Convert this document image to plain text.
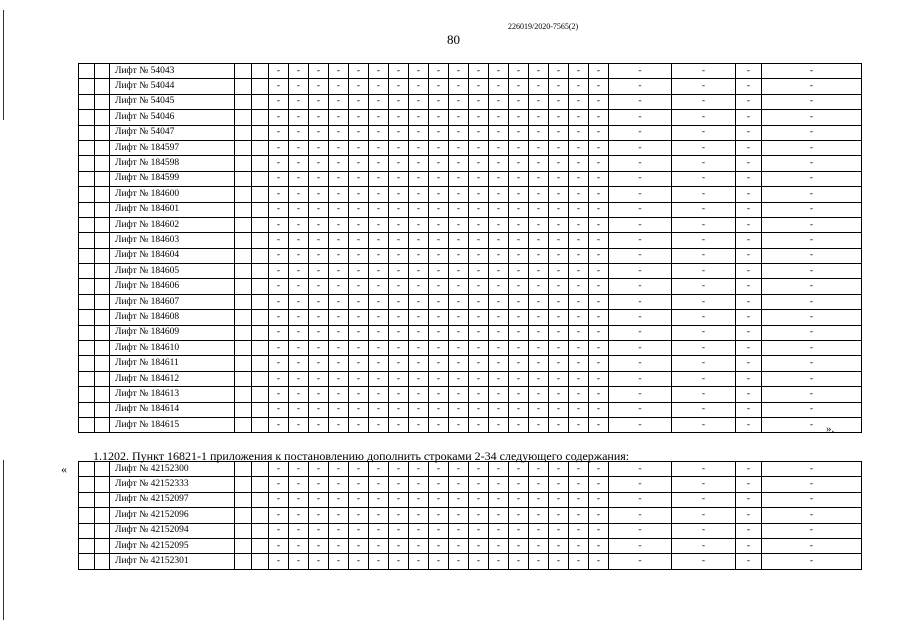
226019/2020-7565(2)
80
		Лифт № 54043			-	-	-	-	-	-	-	-	-	-	-	-	-	-	-	-	-	-	-	-	-
		Лифт № 54044			-	-	-	-	-	-	-	-	-	-	-	-	-	-	-	-	-	-	-	-	-
		Лифт № 54045			-	-	-	-	-	-	-	-	-	-	-	-	-	-	-	-	-	-	-	-	-
		Лифт № 54046			-	-	-	-	-	-	-	-	-	-	-	-	-	-	-	-	-	-	-	-	-
		Лифт № 54047			-	-	-	-	-	-	-	-	-	-	-	-	-	-	-	-	-	-	-	-	-
		Лифт № 184597			-	-	-	-	-	-	-	-	-	-	-	-	-	-	-	-	-	-	-	-	-
		Лифт № 184598			-	-	-	-	-	-	-	-	-	-	-	-	-	-	-	-	-	-	-	-	-
		Лифт № 184599			-	-	-	-	-	-	-	-	-	-	-	-	-	-	-	-	-	-	-	-	-
		Лифт № 184600			-	-	-	-	-	-	-	-	-	-	-	-	-	-	-	-	-	-	-	-	-
		Лифт № 184601			-	-	-	-	-	-	-	-	-	-	-	-	-	-	-	-	-	-	-	-	-
		Лифт № 184602			-	-	-	-	-	-	-	-	-	-	-	-	-	-	-	-	-	-	-	-	-
		Лифт № 184603			-	-	-	-	-	-	-	-	-	-	-	-	-	-	-	-	-	-	-	-	-
		Лифт № 184604			-	-	-	-	-	-	-	-	-	-	-	-	-	-	-	-	-	-	-	-	-
		Лифт № 184605			-	-	-	-	-	-	-	-	-	-	-	-	-	-	-	-	-	-	-	-	-
		Лифт № 184606			-	-	-	-	-	-	-	-	-	-	-	-	-	-	-	-	-	-	-	-	-
		Лифт № 184607			-	-	-	-	-	-	-	-	-	-	-	-	-	-	-	-	-	-	-	-	-
		Лифт № 184608			-	-	-	-	-	-	-	-	-	-	-	-	-	-	-	-	-	-	-	-	-
		Лифт № 184609			-	-	-	-	-	-	-	-	-	-	-	-	-	-	-	-	-	-	-	-	-
		Лифт № 184610			-	-	-	-	-	-	-	-	-	-	-	-	-	-	-	-	-	-	-	-	-
		Лифт № 184611			-	-	-	-	-	-	-	-	-	-	-	-	-	-	-	-	-	-	-	-	-
		Лифт № 184612			-	-	-	-	-	-	-	-	-	-	-	-	-	-	-	-	-	-	-	-	-
		Лифт № 184613			-	-	-	-	-	-	-	-	-	-	-	-	-	-	-	-	-	-	-	-	-
		Лифт № 184614			-	-	-	-	-	-	-	-	-	-	-	-	-	-	-	-	-	-	-	-	-
		Лифт № 184615			-	-	-	-	-	-	-	-	-	-	-	-	-	-	-	-	-	-	-	-	- ».
1.1202. Пункт 16821-1 приложения к постановлению дополнить строками 2-34 следующего содержания:
«
			Лифт № 42152300			-	-	-	-	-	-	-	-	-	-	-	-	-	-	-	-	-	-	-	-	-
		Лифт № 42152333			-	-	-	-	-	-	-	-	-	-	-	-	-	-	-	-	-	-	-	-	-
		Лифт № 42152097			-	-	-	-	-	-	-	-	-	-	-	-	-	-	-	-	-	-	-	-	-
		Лифт № 42152096			-	-	-	-	-	-	-	-	-	-	-	-	-	-	-	-	-	-	-	-	-
		Лифт № 42152094			-	-	-	-	-	-	-	-	-	-	-	-	-	-	-	-	-	-	-	-	-
		Лифт № 42152095			-	-	-	-	-	-	-	-	-	-	-	-	-	-	-	-	-	-	-	-	-
		Лифт № 42152301			-	-	-	-	-	-	-	-	-	-	-	-	-	-	-	-	-	-	-	-	-
